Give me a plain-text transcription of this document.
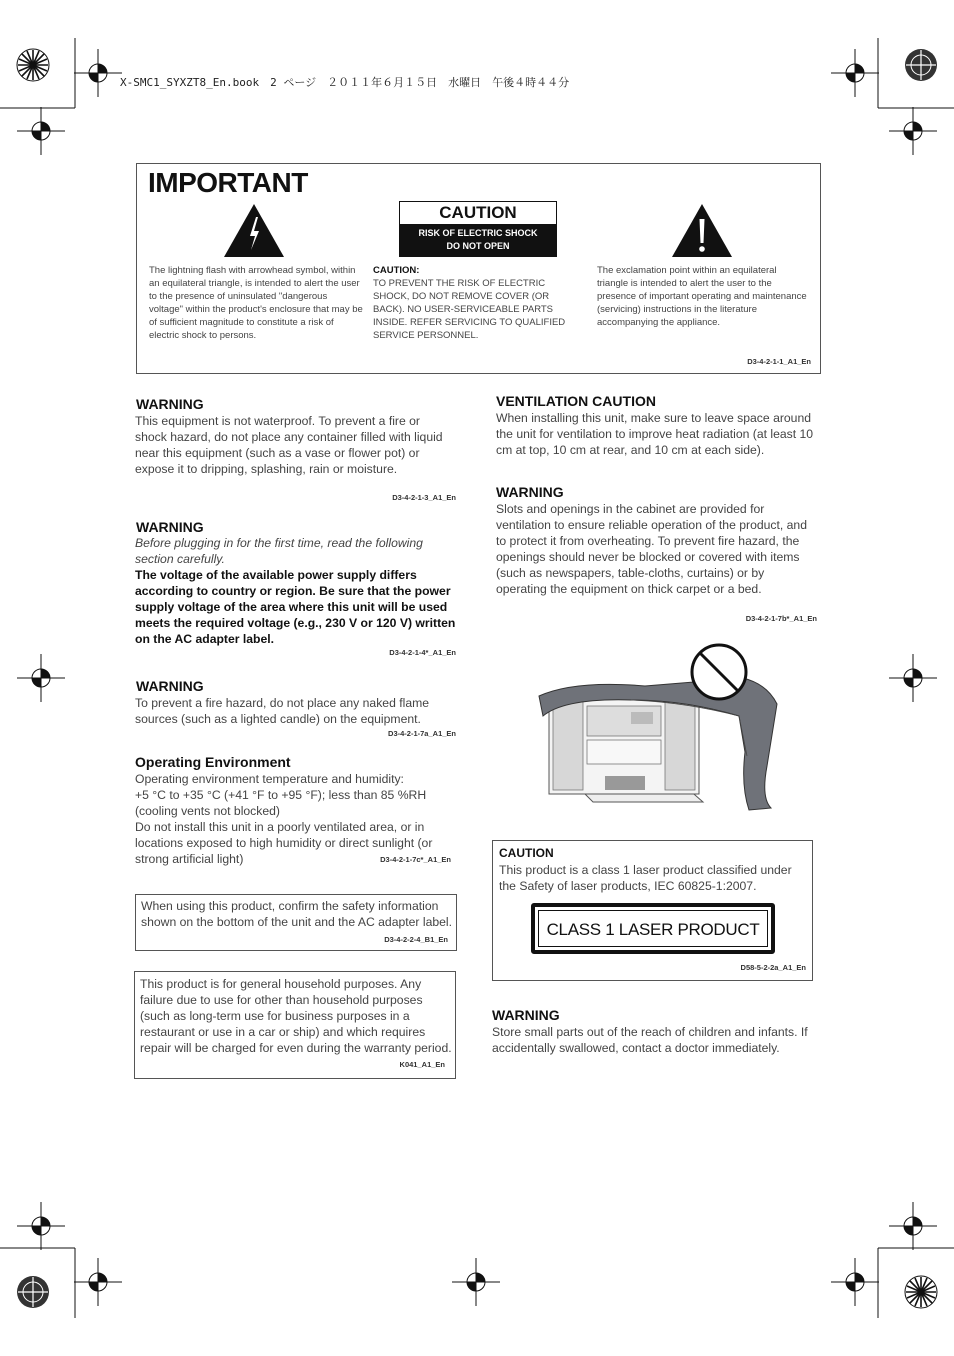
X-SMC1_SYXZT8_En.book　2 ページ　２０１１年６月１５日　水曜日　午後４時４４分
IMPORTANT
CAUTION
RISK OF ELECTRIC SHOCK
DO NOT OPEN
The lightning flash with arrowhead symbol, within an equilateral triangle, is intended to alert the user to the presence of uninsulated "dangerous voltage" within the product's enclosure that may be of sufficient magnitude to constitute a risk of electric shock to persons.
CAUTION:
TO PREVENT THE RISK OF ELECTRIC SHOCK, DO NOT REMOVE COVER (OR BACK). NO USER-SERVICEABLE PARTS INSIDE. REFER SERVICING TO QUALIFIED SERVICE PERSONNEL.
The exclamation point within an equilateral triangle is intended to alert the user to the presence of important operating and maintenance (servicing) instructions in the literature accompanying the appliance.
D3-4-2-1-1_A1_En
WARNING
This equipment is not waterproof. To prevent a fire or shock hazard, do not place any container filled with liquid near this equipment (such as a vase or flower pot) or expose it to dripping, splashing, rain or moisture.
D3-4-2-1-3_A1_En
WARNING
Before plugging in for the first time, read the following section carefully.
The voltage of the available power supply differs according to country or region. Be sure that the power supply voltage of the area where this unit will be used meets the required voltage (e.g., 230 V or 120 V) written on the AC adapter label.
D3-4-2-1-4*_A1_En
WARNING
To prevent a fire hazard, do not place any naked flame sources (such as a lighted candle) on the equipment.
D3-4-2-1-7a_A1_En
Operating Environment
Operating environment temperature and humidity:
+5 °C to +35 °C (+41 °F to +95 °F); less than 85 %RH (cooling vents not blocked)
Do not install this unit in a poorly ventilated area, or in locations exposed to high humidity or direct sunlight (or strong artificial light)	D3-4-2-1-7c*_A1_En
When using this product, confirm the safety information shown on the bottom of the unit and the AC adapter label.
D3-4-2-2-4_B1_En
This product is for general household purposes. Any failure due to use for other than household purposes (such as long-term use for business purposes in a restaurant or use in a car or ship) and which requires repair will be charged for even during the warranty period.
K041_A1_En
VENTILATION CAUTION
When installing this unit, make sure to leave space around the unit for ventilation to improve heat radiation (at least 10 cm at top, 10 cm at rear, and 10 cm at each side).
WARNING
Slots and openings in the cabinet are provided for ventilation to ensure reliable operation of the product, and to protect it from overheating. To prevent fire hazard, the openings should never be blocked or covered with items (such as newspapers, table-cloths, curtains) or by operating the equipment on thick carpet or a bed.
D3-4-2-1-7b*_A1_En
CAUTION
This product is a class 1 laser product classified under the Safety of laser products, IEC 60825-1:2007.
CLASS 1 LASER PRODUCT
D58-5-2-2a_A1_En
WARNING
Store small parts out of the reach of children and infants. If accidentally swallowed, contact a doctor immediately.
